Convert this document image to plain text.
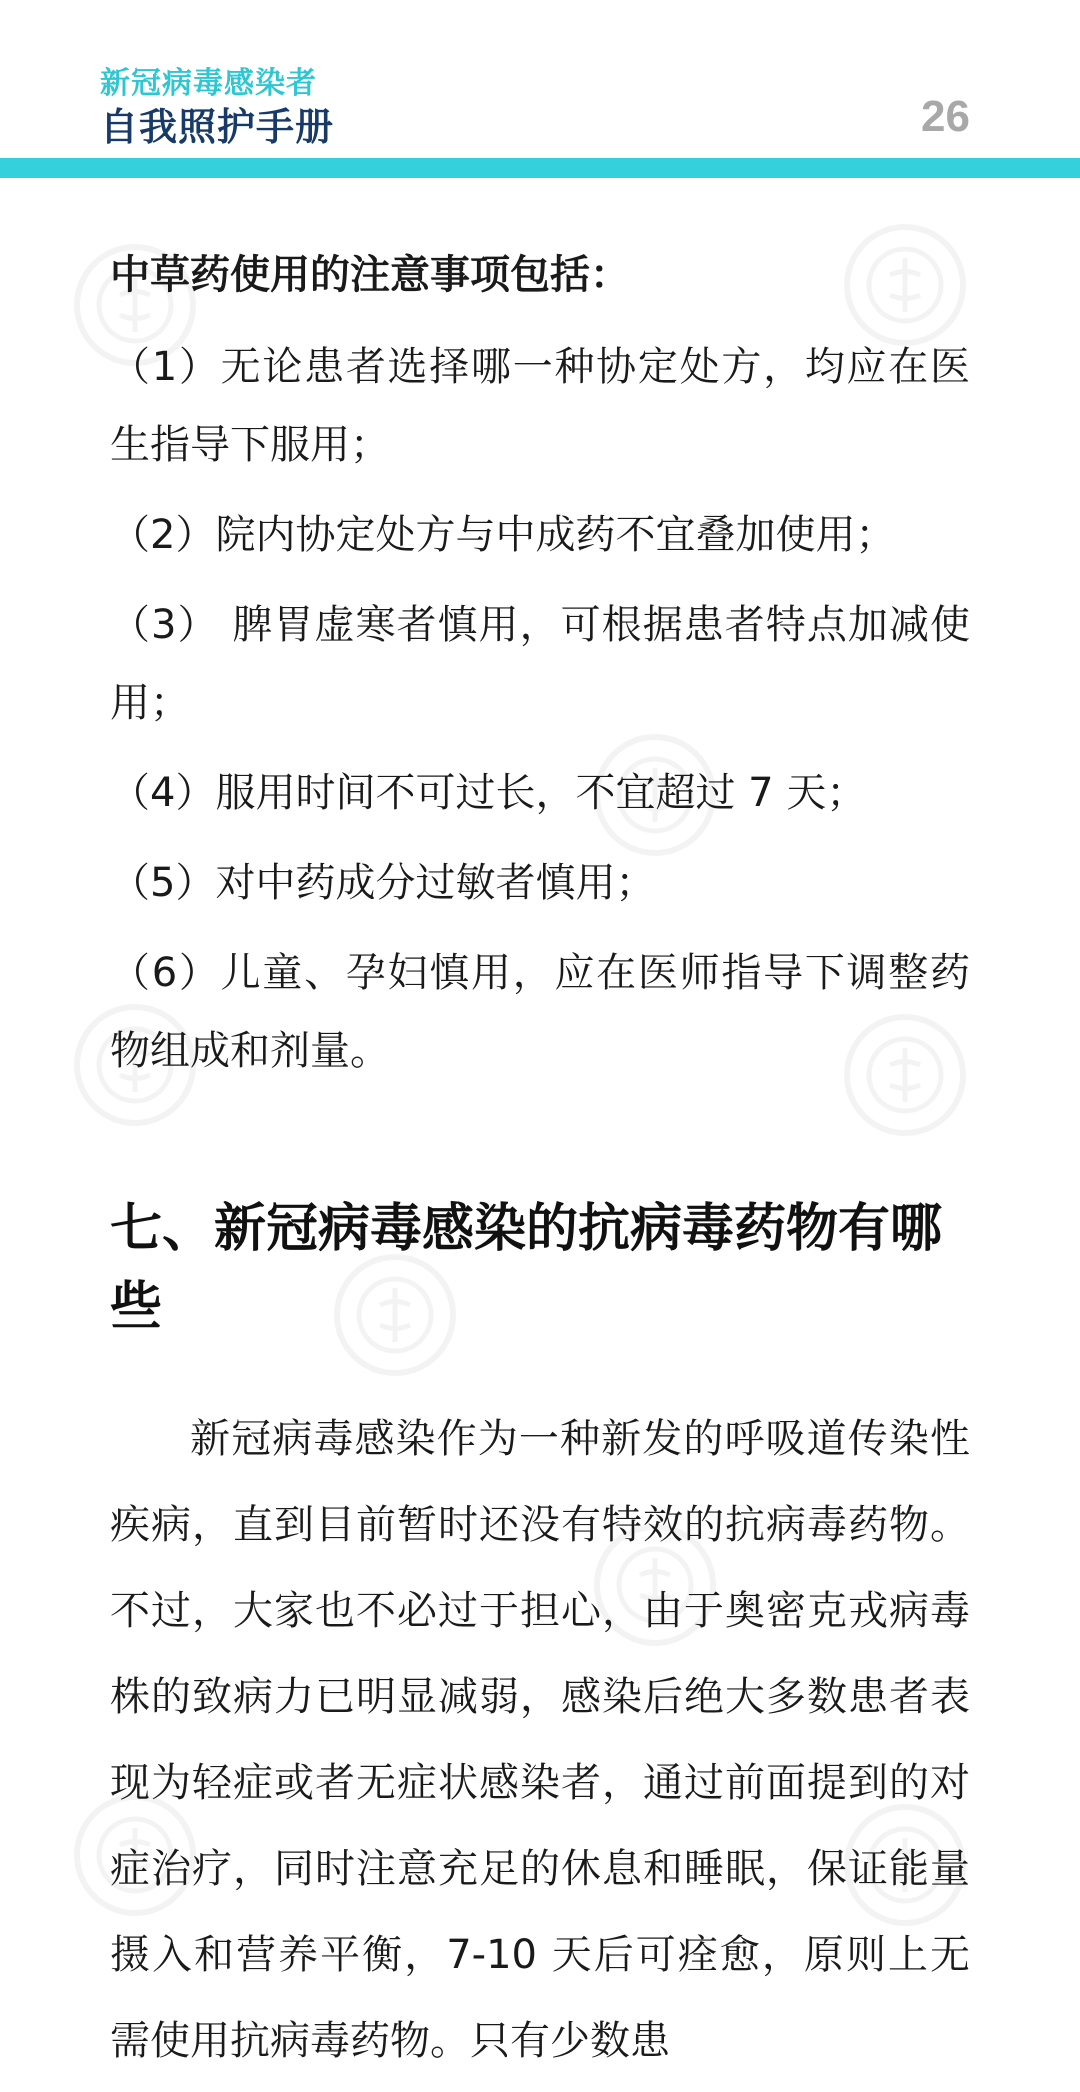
新冠病毒感染者
自我照护手册	26
中草药使用的注意事项包括：
（1）无论患者选择哪一种协定处方，均应在医生指导下服用；
（2）院内协定处方与中成药不宜叠加使用；
（3） 脾胃虚寒者慎用，可根据患者特点加减使用；
（4）服用时间不可过长，不宜超过 7 天；
（5）对中药成分过敏者慎用；
（6）儿童、孕妇慎用，应在医师指导下调整药物组成和剂量。
七、新冠病毒感染的抗病毒药物有哪些

新冠病毒感染作为一种新发的呼吸道传染性疾病，直到目前暂时还没有特效的抗病毒药物。不过，大家也不必过于担心，由于奥密克戎病毒株的致病力已明显减弱，感染后绝大多数患者表现为轻症或者无症状感染者，通过前面提到的对症治疗，同时注意充足的休息和睡眠，保证能量摄入和营养平衡，7-10 天后可痊愈，原则上无需使用抗病毒药物。只有少数患
